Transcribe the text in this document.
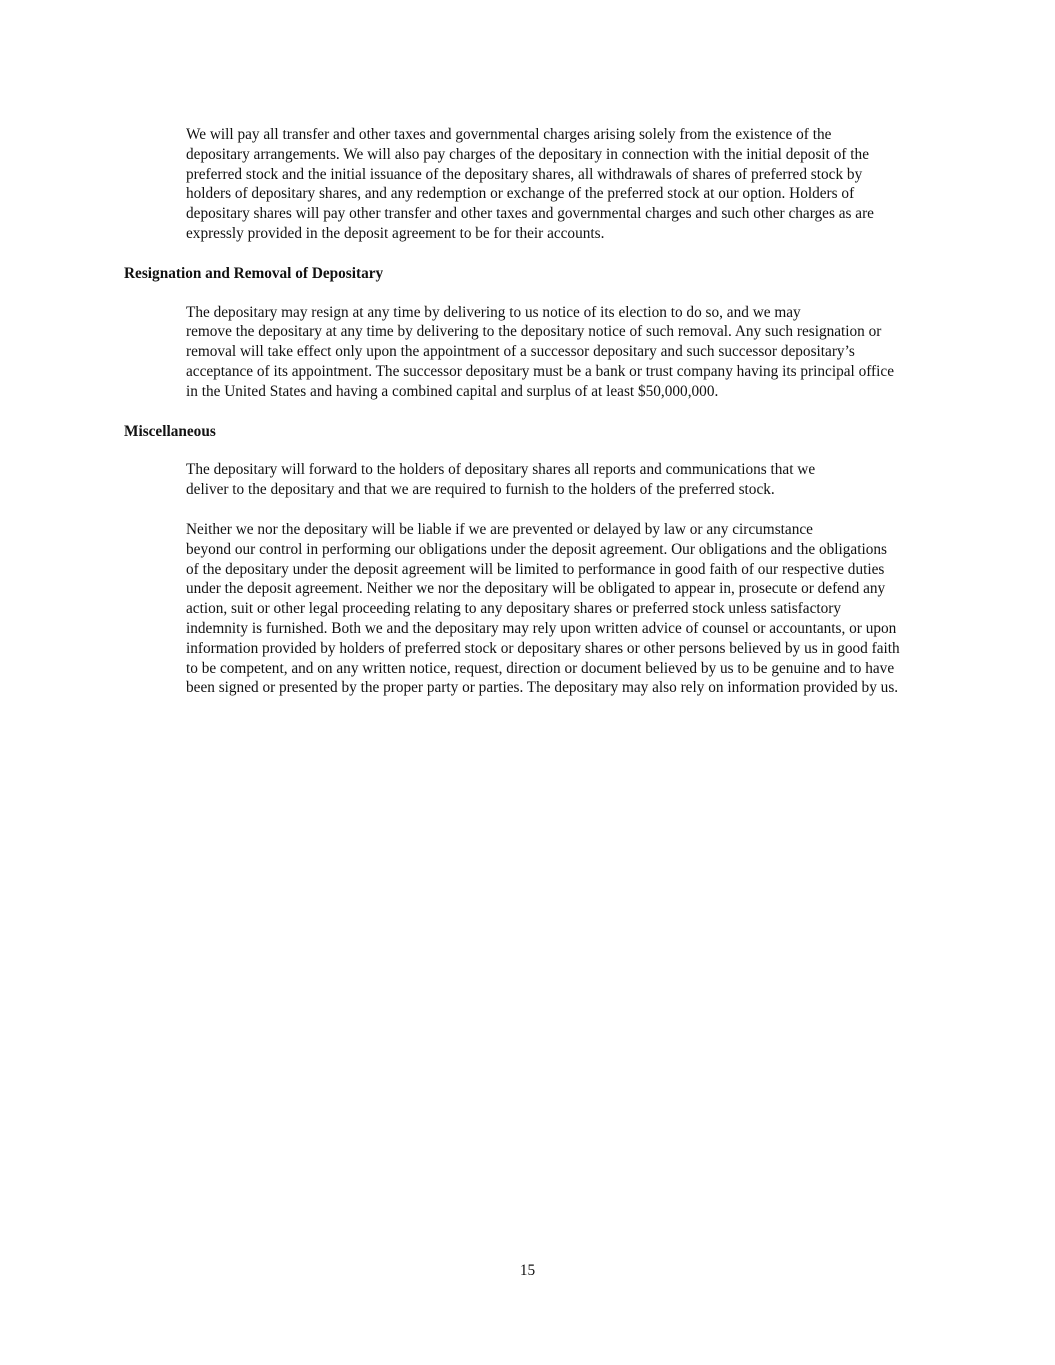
We will pay all transfer and other taxes and governmental charges arising solely from the existence of the
depositary arrangements. We will also pay charges of the depositary in connection with the initial deposit of the
preferred stock and the initial issuance of the depositary shares, all withdrawals of shares of preferred stock by
holders of depositary shares, and any redemption or exchange of the preferred stock at our option. Holders of
depositary shares will pay other transfer and other taxes and governmental charges and such other charges as are
expressly provided in the deposit agreement to be for their accounts.

Resignation and Removal of Depositary

The depositary may resign at any time by delivering to us notice of its election to do so, and we may
remove the depositary at any time by delivering to the depositary notice of such removal. Any such resignation or
removal will take effect only upon the appointment of a successor depositary and such successor depositary’s
acceptance of its appointment. The successor depositary must be a bank or trust company having its principal office
in the United States and having a combined capital and surplus of at least $50,000,000.

Miscellaneous

The depositary will forward to the holders of depositary shares all reports and communications that we
deliver to the depositary and that we are required to furnish to the holders of the preferred stock.

Neither we nor the depositary will be liable if we are prevented or delayed by law or any circumstance
beyond our control in performing our obligations under the deposit agreement. Our obligations and the obligations
of the depositary under the deposit agreement will be limited to performance in good faith of our respective duties
under the deposit agreement. Neither we nor the depositary will be obligated to appear in, prosecute or defend any
action, suit or other legal proceeding relating to any depositary shares or preferred stock unless satisfactory
indemnity is furnished. Both we and the depositary may rely upon written advice of counsel or accountants, or upon
information provided by holders of preferred stock or depositary shares or other persons believed by us in good faith
to be competent, and on any written notice, request, direction or document believed by us to be genuine and to have
been signed or presented by the proper party or parties. The depositary may also rely on information provided by us.

15
